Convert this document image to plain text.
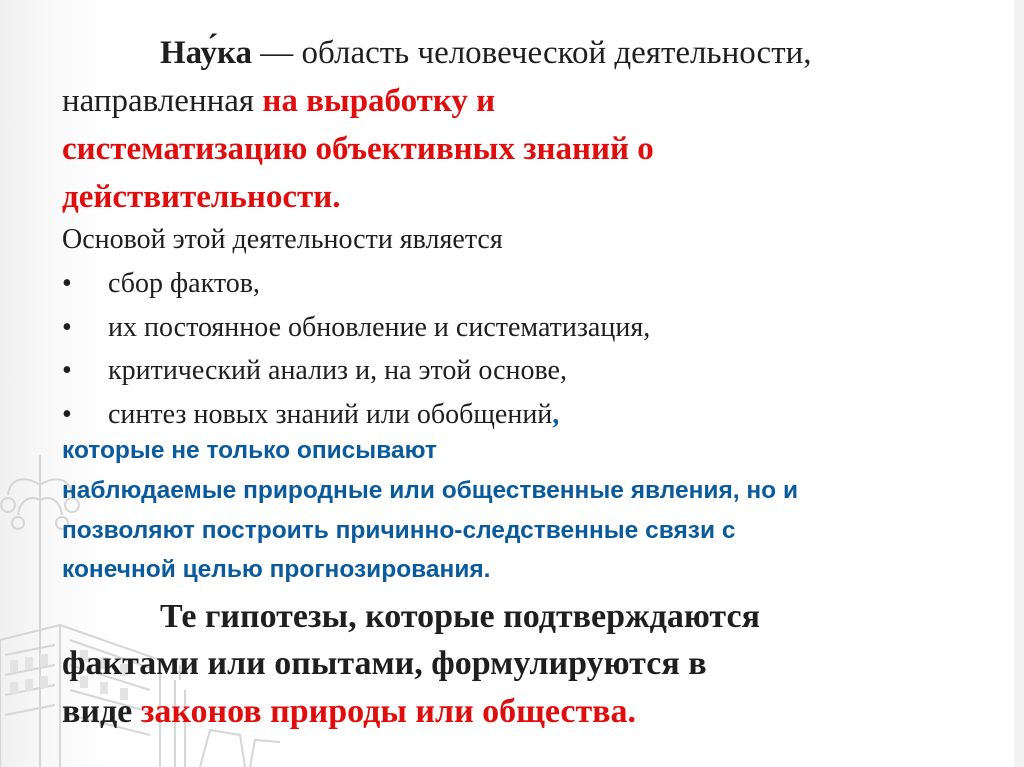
Нау́ка — область человеческой деятельности,
направленная на выработку и
систематизацию объективных знаний о
действительности.
Основой этой деятельности является
• сбор фактов,
• их постоянное обновление и систематизация,
• критический анализ и, на этой основе,
• синтез новых знаний или обобщений,
которые не только описывают
наблюдаемые природные или общественные явления, но и
позволяют построить причинно-следственные связи с
конечной целью прогнозирования.
Те гипотезы, которые подтверждаются
фактами или опытами, формулируются в
виде законов природы или общества.
